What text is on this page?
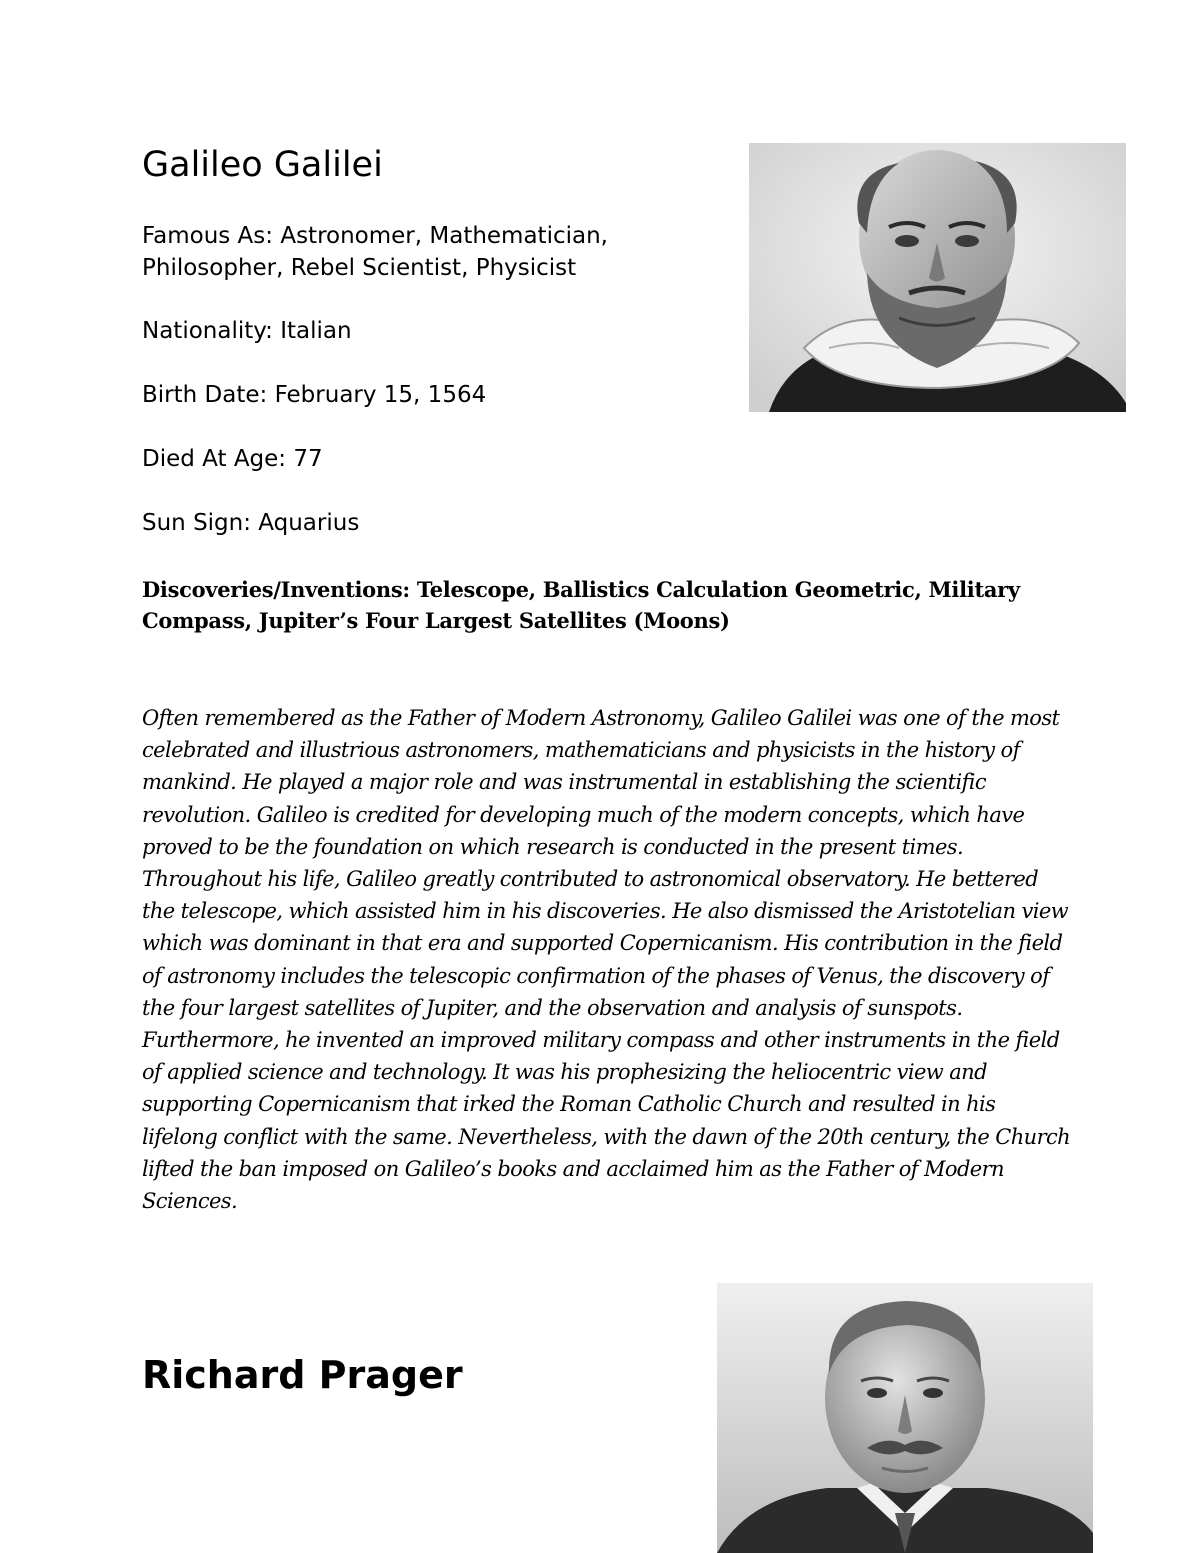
Galileo Galilei

Famous As: Astronomer, Mathematician, Philosopher, Rebel Scientist, Physicist

Nationality: Italian

Birth Date: February 15, 1564

Died At Age: 77

Sun Sign: Aquarius

Discoveries/Inventions: Telescope, Ballistics Calculation Geometric, Military Compass, Jupiter’s Four Largest Satellites (Moons)

Often remembered as the Father of Modern Astronomy, Galileo Galilei was one of the most celebrated and illustrious astronomers, mathematicians and physicists in the history of mankind. He played a major role and was instrumental in establishing the scientific revolution. Galileo is credited for developing much of the modern concepts, which have proved to be the foundation on which research is conducted in the present times. Throughout his life, Galileo greatly contributed to astronomical observatory. He bettered the telescope, which assisted him in his discoveries. He also dismissed the Aristotelian view which was dominant in that era and supported Copernicanism. His contribution in the field of astronomy includes the telescopic confirmation of the phases of Venus, the discovery of the four largest satellites of Jupiter, and the observation and analysis of sunspots. Furthermore, he invented an improved military compass and other instruments in the field of applied science and technology. It was his prophesizing the heliocentric view and supporting Copernicanism that irked the Roman Catholic Church and resulted in his lifelong conflict with the same. Nevertheless, with the dawn of the 20th century, the Church lifted the ban imposed on Galileo’s books and acclaimed him as the Father of Modern Sciences.

Richard Prager
